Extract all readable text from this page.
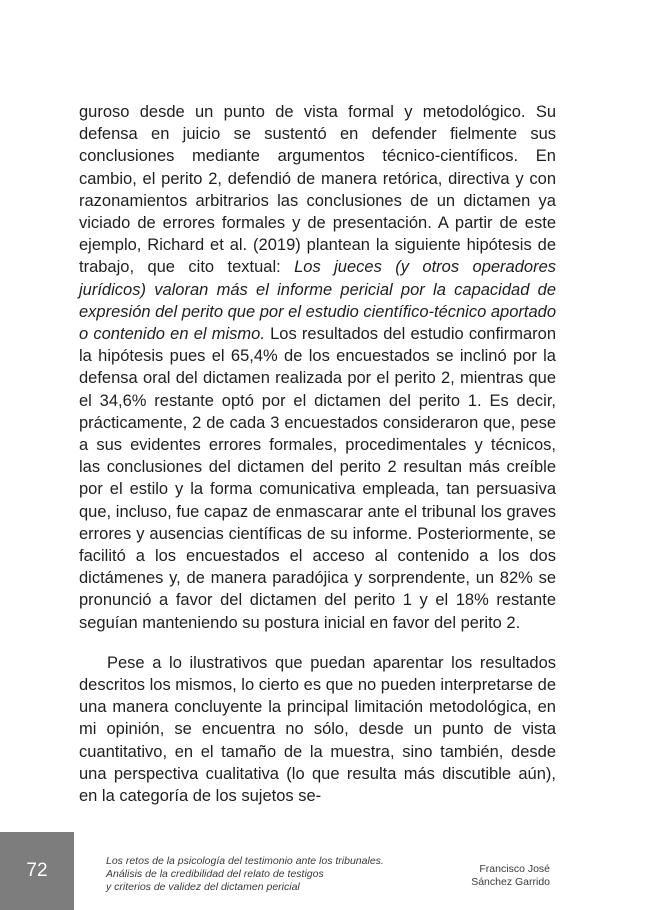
guroso desde un punto de vista formal y metodológico. Su defensa en juicio se sustentó en defender fielmente sus conclusiones mediante argumentos técnico-científicos. En cambio, el perito 2, defendió de manera retórica, directiva y con razonamientos arbitrarios las conclusiones de un dictamen ya viciado de errores formales y de presentación. A partir de este ejemplo, Richard et al. (2019) plantean la siguiente hipótesis de trabajo, que cito textual: Los jueces (y otros operadores jurídicos) valoran más el informe pericial por la capacidad de expresión del perito que por el estudio científico-técnico aportado o contenido en el mismo. Los resultados del estudio confirmaron la hipótesis pues el 65,4% de los encuestados se inclinó por la defensa oral del dictamen realizada por el perito 2, mientras que el 34,6% restante optó por el dictamen del perito 1. Es decir, prácticamente, 2 de cada 3 encuestados consideraron que, pese a sus evidentes errores formales, procedimentales y técnicos, las conclusiones del dictamen del perito 2 resultan más creíble por el estilo y la forma comunicativa empleada, tan persuasiva que, incluso, fue capaz de enmascarar ante el tribunal los graves errores y ausencias científicas de su informe. Posteriormente, se facilitó a los encuestados el acceso al contenido a los dos dictámenes y, de manera paradójica y sorprendente, un 82% se pronunció a favor del dictamen del perito 1 y el 18% restante seguían manteniendo su postura inicial en favor del perito 2.

Pese a lo ilustrativos que puedan aparentar los resultados descritos los mismos, lo cierto es que no pueden interpretarse de una manera concluyente la principal limitación metodológica, en mi opinión, se encuentra no sólo, desde un punto de vista cuantitativo, en el tamaño de la muestra, sino también, desde una perspectiva cualitativa (lo que resulta más discutible aún), en la categoría de los sujetos se-

72	Los retos de la psicología del testimonio ante los tribunales.
Análisis de la credibilidad del relato de testigos
y criterios de validez del dictamen pericial
Francisco José
Sánchez Garrido
